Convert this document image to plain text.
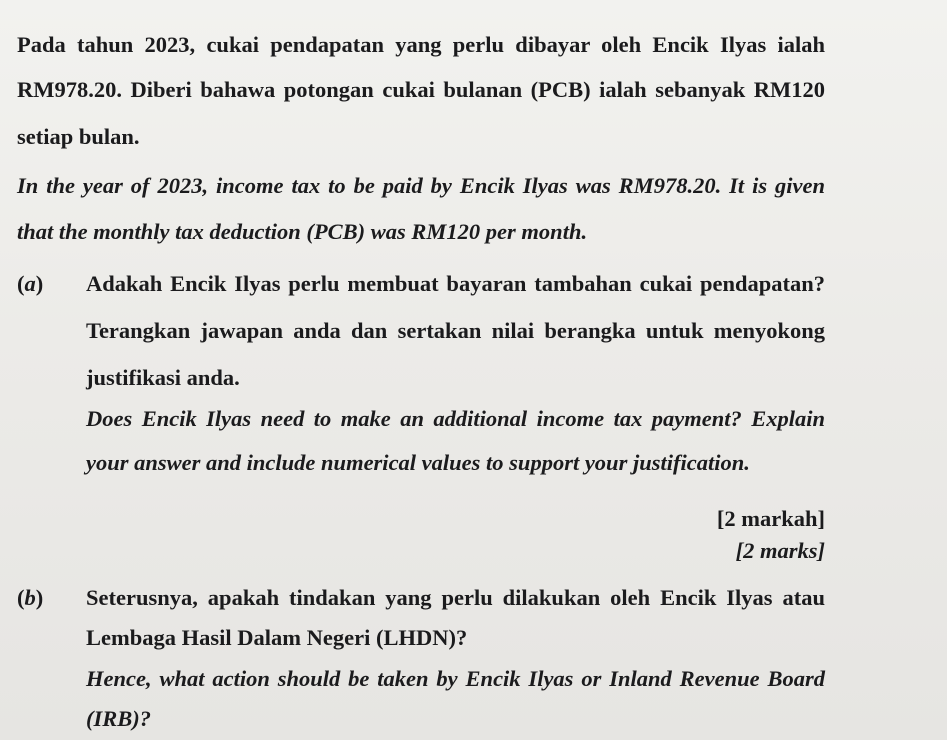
Pada tahun 2023, cukai pendapatan yang perlu dibayar oleh Encik Ilyas ialah
RM978.20. Diberi bahawa potongan cukai bulanan (PCB) ialah sebanyak RM120
setiap bulan.
In the year of 2023, income tax to be paid by Encik Ilyas was RM978.20. It is given
that the monthly tax deduction (PCB) was RM120 per month.
(a) Adakah Encik Ilyas perlu membuat bayaran tambahan cukai pendapatan?
Terangkan jawapan anda dan sertakan nilai berangka untuk menyokong
justifikasi anda.
Does Encik Ilyas need to make an additional income tax payment? Explain
your answer and include numerical values to support your justification.
[2 markah]
[2 marks]
(b) Seterusnya, apakah tindakan yang perlu dilakukan oleh Encik Ilyas atau
Lembaga Hasil Dalam Negeri (LHDN)?
Hence, what action should be taken by Encik Ilyas or Inland Revenue Board
(IRB)?
